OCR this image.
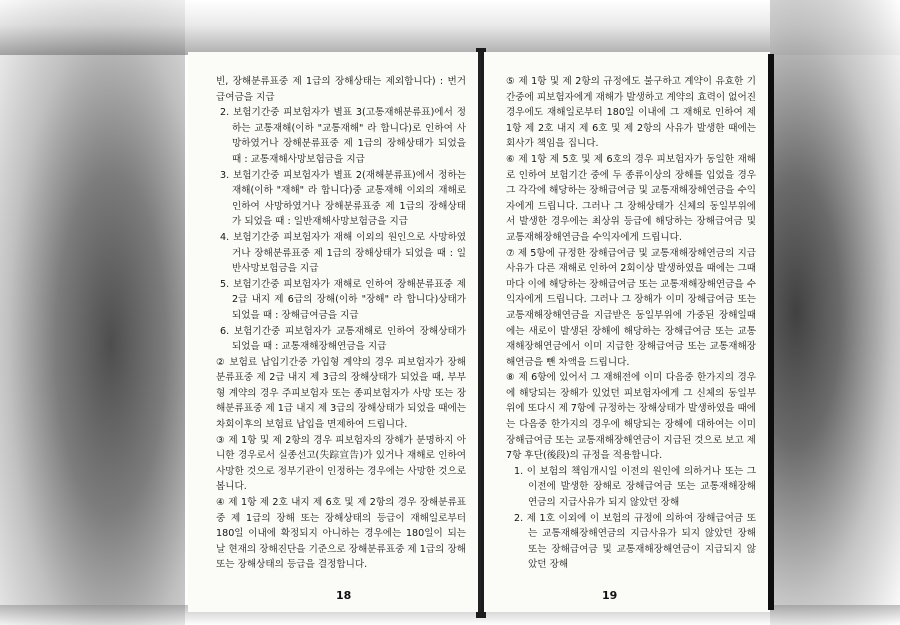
빈, 장해분류표중 제 1급의 장해상태는 제외합니다) : 번거급여금을 지급

2. 보험기간중 피보험자가 별표 3(고통재해분류표)에서 정하는 교통재해(이하 "교통재해" 라 합니다)로 인하여 사망하였거나 장해분류표중 제 1급의 장해상태가 되었을 때 : 교통재해사망보험금을 지급

3. 보험기간중 피보험자가 별표 2(재해분류표)에서 정하는 재해(이하 "재해" 라 합니다)중 교통재해 이외의 재해로 인하여 사망하였거나 장해분류표중 제 1급의 장해상태가 되었을 때 : 일반재해사망보험금을 지급

4. 보험기간중 피보험자가 재해 이외의 원인으로 사망하였거나 장해분류표중 제 1급의 장해상태가 되었을 때 : 일반사망보험금을 지급

5. 보험기간중 피보험자가 재해로 인하여 장해분류표중 제 2급 내지 제 6급의 장해(이하 "장해" 라 합니다)상태가 되었을 때 : 장해급여금을 지급

6. 보험기간중 피보험자가 교통재해로 인하여 장해상태가 되었을 때 : 교통재해장해연금을 지급

② 보험료 납입기간중 가입형 계약의 경우 피보험자가 장해분류표중 제 2급 내지 제 3급의 장해상태가 되었을 때, 부부형 계약의 경우 주피보험자 또는 종피보험자가 사망 또는 장해분류표중 제 1급 내지 제 3급의 장해상태가 되었을 때에는 차회이후의 보험료 납입을 면제하여 드립니다.

③ 제 1항 및 제 2항의 경우 피보험자의 장해가 분명하지 아니한 경우로서 실종선고(失踪宣告)가 있거나 재해로 인하여 사망한 것으로 정부기관이 인정하는 경우에는 사망한 것으로 봅니다.

④ 제 1항 제 2호 내지 제 6호 및 제 2항의 경우 장해분류표중 제 1급의 장해 또는 장해상태의 등급이 재해일로부터 180일 이내에 확정되지 아니하는 경우에는 180일이 되는 날 현재의 장해진단을 기준으로 장해분류표중 제 1급의 장해 또는 장해상태의 등급을 결정합니다.

18

⑤ 제 1항 및 제 2항의 규정에도 불구하고 계약이 유효한 기간중에 피보험자에게 재해가 발생하고 계약의 효력이 없어진 경우에도 재해일로부터 180일 이내에 그 재해로 인하여 제 1항 제 2호 내지 제 6호 및 제 2항의 사유가 발생한 때에는 회사가 책임을 집니다.

⑥ 제 1항 제 5호 및 제 6호의 경우 피보험자가 동일한 재해로 인하여 보험기간 중에 두 종류이상의 장해를 입었을 경우 그 각각에 해당하는 장해급여금 및 교통재해장해연금을 수익자에게 드립니다. 그러나 그 장해상태가 신체의 동일부위에서 발생한 경우에는 최상위 등급에 해당하는 장해급여금 및 교통재해장해연금을 수익자에게 드립니다.

⑦ 제 5항에 규정한 장해급여금 및 교통재해장해연금의 지급사유가 다른 재해로 인하여 2회이상 발생하였을 때에는 그때마다 이에 해당하는 장해급여금 또는 교통재해장해연금을 수익자에게 드립니다. 그러나 그 장해가 이미 장해급여금 또는 교통재해장해연금을 지급받은 동일부위에 가중된 장해일때에는 새로이 발생된 장해에 해당하는 장해급여금 또는 교통재해장해연금에서 이미 지급한 장해급여금 또는 교통재해장해연금을 뺀 차액을 드립니다.

⑧ 제 6항에 있어서 그 재해전에 이미 다음중 한가지의 경우에 해당되는 장해가 있었던 피보험자에게 그 신체의 동일부위에 또다시 제 7항에 규정하는 장해상태가 발생하였을 때에는 다음중 한가지의 경우에 해당되는 장해에 대하여는 이미 장해급여금 또는 교통재해장해연금이 지급된 것으로 보고 제 7항 후단(後段)의 규정을 적용합니다.

1. 이 보험의 책임개시일 이전의 원인에 의하거나 또는 그 이전에 발생한 장해로 장해급여금 또는 교통재해장해연금의 지급사유가 되지 않았던 장해

2. 제 1호 이외에 이 보험의 규정에 의하여 장해급여금 또는 교통재해장해연금의 지급사유가 되지 않았던 장해 또는 장해급여금 및 교통재해장해연금이 지급되지 않았던 장해

19
